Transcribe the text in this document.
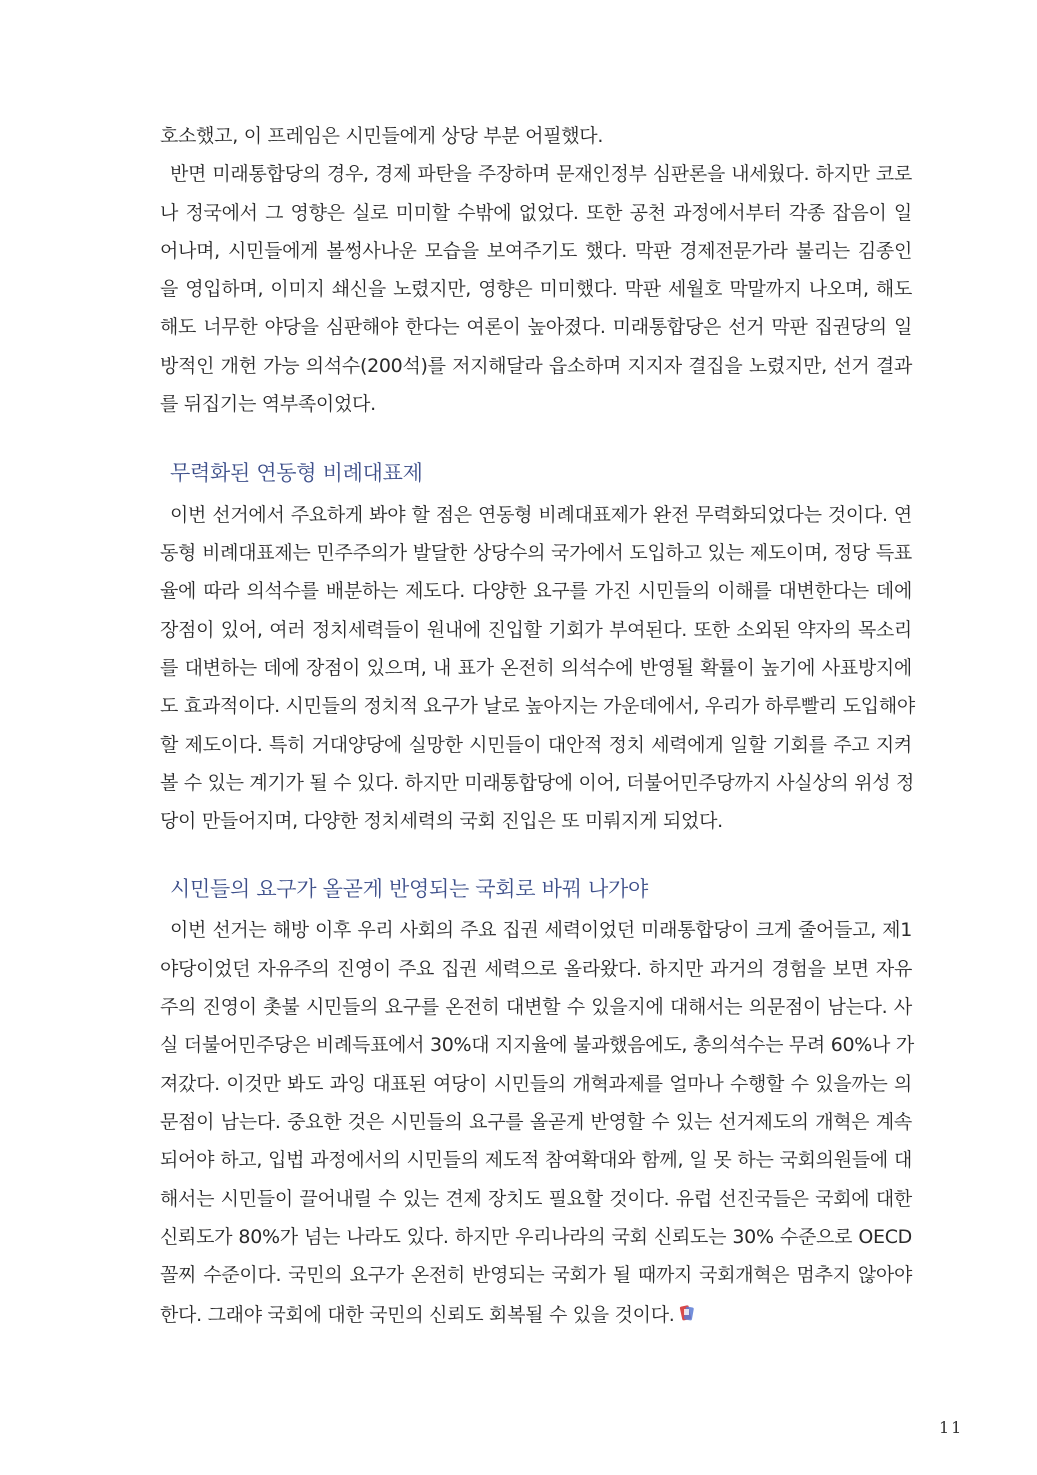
호소했고, 이 프레임은 시민들에게 상당 부분 어필했다.
반면 미래통합당의 경우, 경제 파탄을 주장하며 문재인정부 심판론을 내세웠다. 하지만 코로
나 정국에서 그 영향은 실로 미미할 수밖에 없었다. 또한 공천 과정에서부터 각종 잡음이 일
어나며, 시민들에게 볼썽사나운 모습을 보여주기도 했다. 막판 경제전문가라 불리는 김종인
을 영입하며, 이미지 쇄신을 노렸지만, 영향은 미미했다. 막판 세월호 막말까지 나오며, 해도
해도 너무한 야당을 심판해야 한다는 여론이 높아졌다. 미래통합당은 선거 막판 집권당의 일
방적인 개헌 가능 의석수(200석)를 저지해달라 읍소하며 지지자 결집을 노렸지만, 선거 결과
를 뒤집기는 역부족이었다.
무력화된 연동형 비례대표제
이번 선거에서 주요하게 봐야 할 점은 연동형 비례대표제가 완전 무력화되었다는 것이다. 연
동형 비례대표제는 민주주의가 발달한 상당수의 국가에서 도입하고 있는 제도이며, 정당 득표
율에 따라 의석수를 배분하는 제도다. 다양한 요구를 가진 시민들의 이해를 대변한다는 데에
장점이 있어, 여러 정치세력들이 원내에 진입할 기회가 부여된다. 또한 소외된 약자의 목소리
를 대변하는 데에 장점이 있으며, 내 표가 온전히 의석수에 반영될 확률이 높기에 사표방지에
도 효과적이다. 시민들의 정치적 요구가 날로 높아지는 가운데에서, 우리가 하루빨리 도입해야
할 제도이다. 특히 거대양당에 실망한 시민들이 대안적 정치 세력에게 일할 기회를 주고 지켜
볼 수 있는 계기가 될 수 있다. 하지만 미래통합당에 이어, 더불어민주당까지 사실상의 위성 정
당이 만들어지며, 다양한 정치세력의 국회 진입은 또 미뤄지게 되었다.
시민들의 요구가 올곧게 반영되는 국회로 바꿔 나가야
이번 선거는 해방 이후 우리 사회의 주요 집권 세력이었던 미래통합당이 크게 줄어들고, 제1
야당이었던 자유주의 진영이 주요 집권 세력으로 올라왔다. 하지만 과거의 경험을 보면 자유
주의 진영이 촛불 시민들의 요구를 온전히 대변할 수 있을지에 대해서는 의문점이 남는다. 사
실 더불어민주당은 비례득표에서 30%대 지지율에 불과했음에도, 총의석수는 무려 60%나 가
져갔다. 이것만 봐도 과잉 대표된 여당이 시민들의 개혁과제를 얼마나 수행할 수 있을까는 의
문점이 남는다. 중요한 것은 시민들의 요구를 올곧게 반영할 수 있는 선거제도의 개혁은 계속
되어야 하고, 입법 과정에서의 시민들의 제도적 참여확대와 함께, 일 못 하는 국회의원들에 대
해서는 시민들이 끌어내릴 수 있는 견제 장치도 필요할 것이다. 유럽 선진국들은 국회에 대한
신뢰도가 80%가 넘는 나라도 있다. 하지만 우리나라의 국회 신뢰도는 30% 수준으로 OECD
꼴찌 수준이다. 국민의 요구가 온전히 반영되는 국회가 될 때까지 국회개혁은 멈추지 않아야
한다. 그래야 국회에 대한 국민의 신뢰도 회복될 수 있을 것이다.
11
